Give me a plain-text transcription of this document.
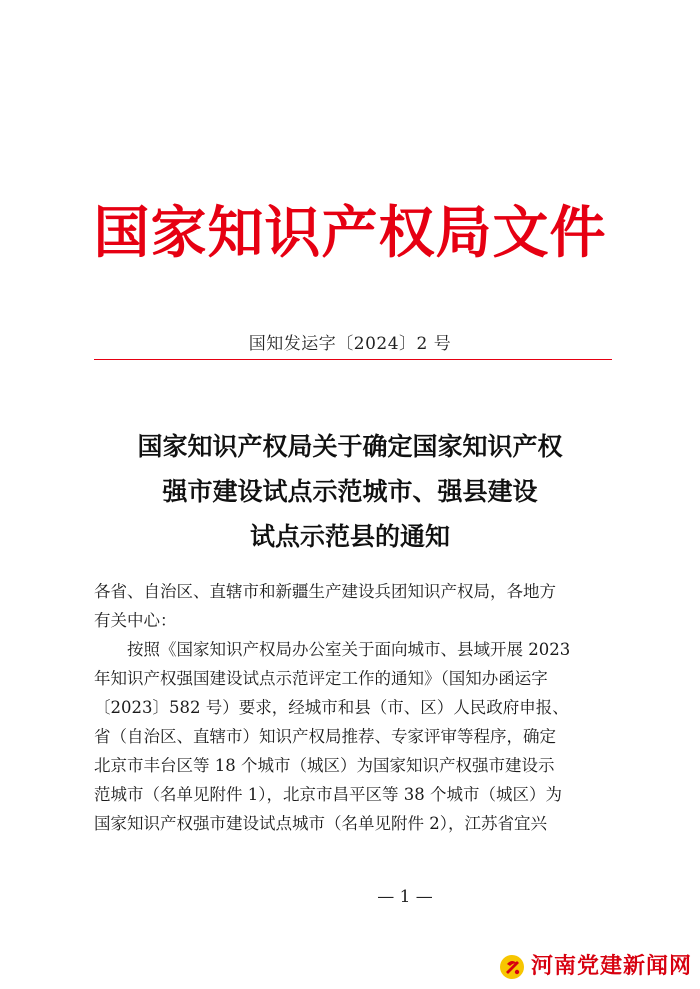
国家知识产权局文件
国知发运字〔2024〕2 号
国家知识产权局关于确定国家知识产权
强市建设试点示范城市、强县建设
试点示范县的通知
各省、自治区、直辖市和新疆生产建设兵团知识产权局，各地方
有关中心：
　　按照《国家知识产权局办公室关于面向城市、县域开展 2023
年知识产权强国建设试点示范评定工作的通知》（国知办函运字
〔2023〕582 号）要求，经城市和县（市、区）人民政府申报、
省（自治区、直辖市）知识产权局推荐、专家评审等程序，确定
北京市丰台区等 18 个城市（城区）为国家知识产权强市建设示
范城市（名单见附件 1），北京市昌平区等 38 个城市（城区）为
国家知识产权强市建设试点城市（名单见附件 2），江苏省宜兴
— 1 —
河南党建新闻网
